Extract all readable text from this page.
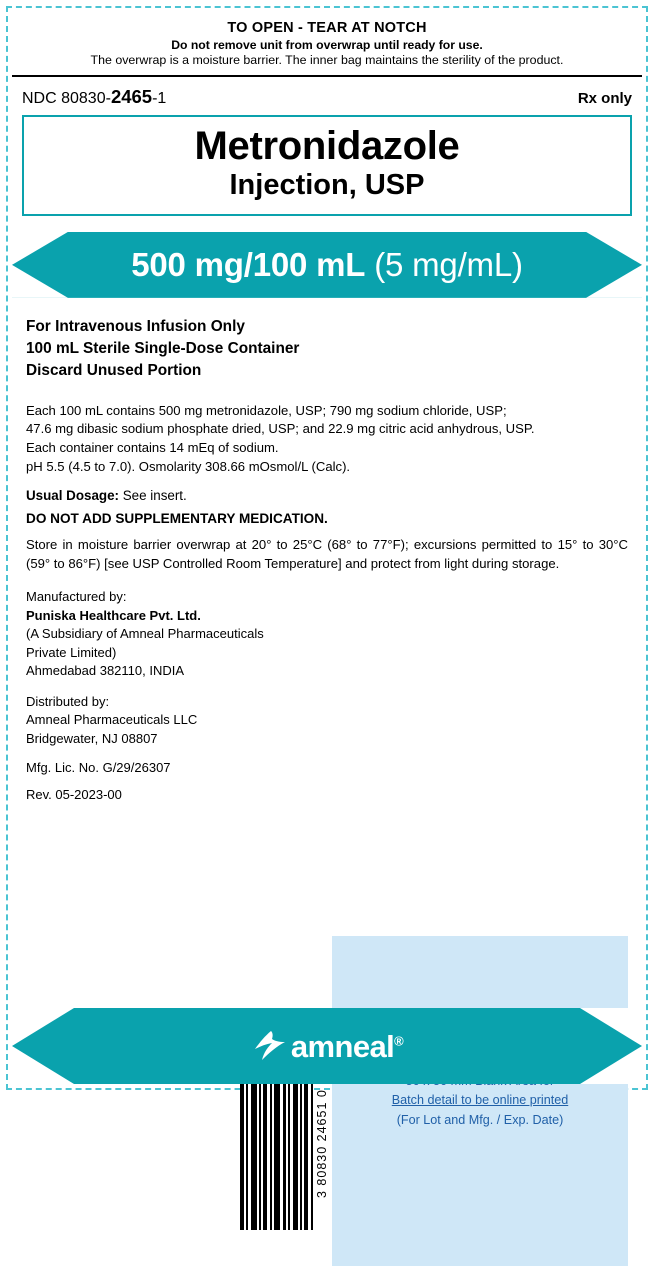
TO OPEN - TEAR AT NOTCH
Do not remove unit from overwrap until ready for use.
The overwrap is a moisture barrier. The inner bag maintains the sterility of the product.
NDC 80830-2465-1	Rx only
Metronidazole
Injection, USP
500 mg/100 mL
(5 mg/mL)
For Intravenous Infusion Only
100 mL Sterile Single-Dose Container
Discard Unused Portion
Each 100 mL contains 500 mg metronidazole, USP; 790 mg sodium chloride, USP;
47.6 mg dibasic sodium phosphate dried, USP; and 22.9 mg citric acid anhydrous, USP.
Each container contains 14 mEq of sodium.
pH 5.5 (4.5 to 7.0). Osmolarity 308.66 mOsmol/L (Calc).
Usual Dosage: See insert.
DO NOT ADD SUPPLEMENTARY MEDICATION.
Store in moisture barrier overwrap at 20° to 25°C (68° to 77°F); excursions permitted to 15° to 30°C (59° to 86°F) [see USP Controlled Room Temperature] and protect from light during storage.
Manufactured by:
Puniska Healthcare Pvt. Ltd.
(A Subsidiary of Amneal Pharmaceuticals
Private Limited)
Ahmedabad 382110, INDIA
Distributed by:
Amneal Pharmaceuticals LLC
Bridgewater, NJ 08807
Mfg. Lic. No. G/29/26307
Rev. 05-2023-00
3 80830 24651 0	Batch detail to be online printed
(For Lot and Mfg. / Exp. Date)
amneal®
